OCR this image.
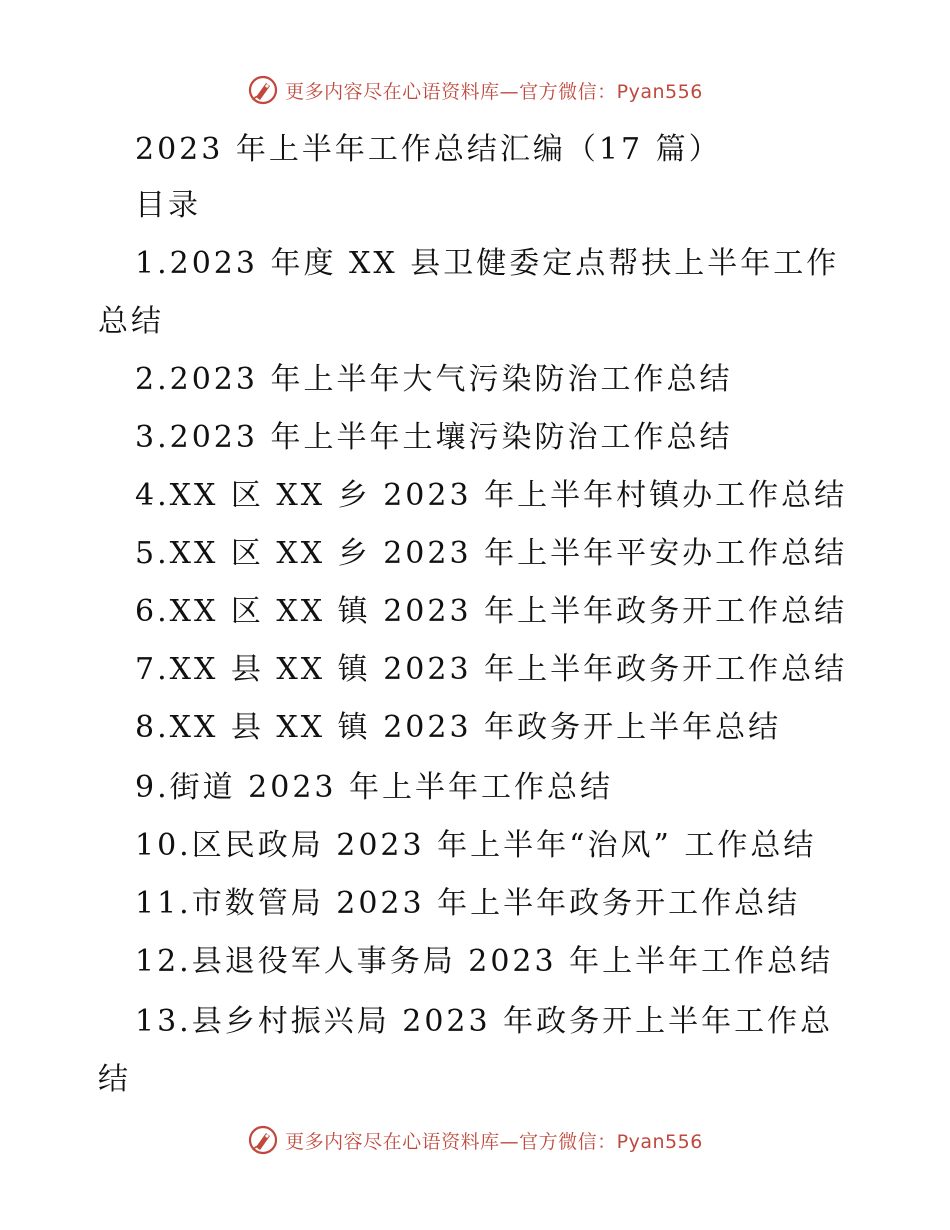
更多内容尽在心语资料库—官方微信：Pyan556
2023 年上半年工作总结汇编（17 篇）
目录
1.2023 年度 XX 县卫健委定点帮扶上半年工作
总结
2.2023 年上半年大气污染防治工作总结
3.2023 年上半年土壤污染防治工作总结
4.XX 区 XX 乡 2023 年上半年村镇办工作总结
5.XX 区 XX 乡 2023 年上半年平安办工作总结
6.XX 区 XX 镇 2023 年上半年政务开工作总结
7.XX 县 XX 镇 2023 年上半年政务开工作总结
8.XX 县 XX 镇 2023 年政务开上半年总结
9.街道 2023 年上半年工作总结
10.区民政局 2023 年上半年“治风” 工作总结
11.市数管局 2023 年上半年政务开工作总结
12.县退役军人事务局 2023 年上半年工作总结
13.县乡村振兴局 2023 年政务开上半年工作总
结
更多内容尽在心语资料库—官方微信：Pyan556
